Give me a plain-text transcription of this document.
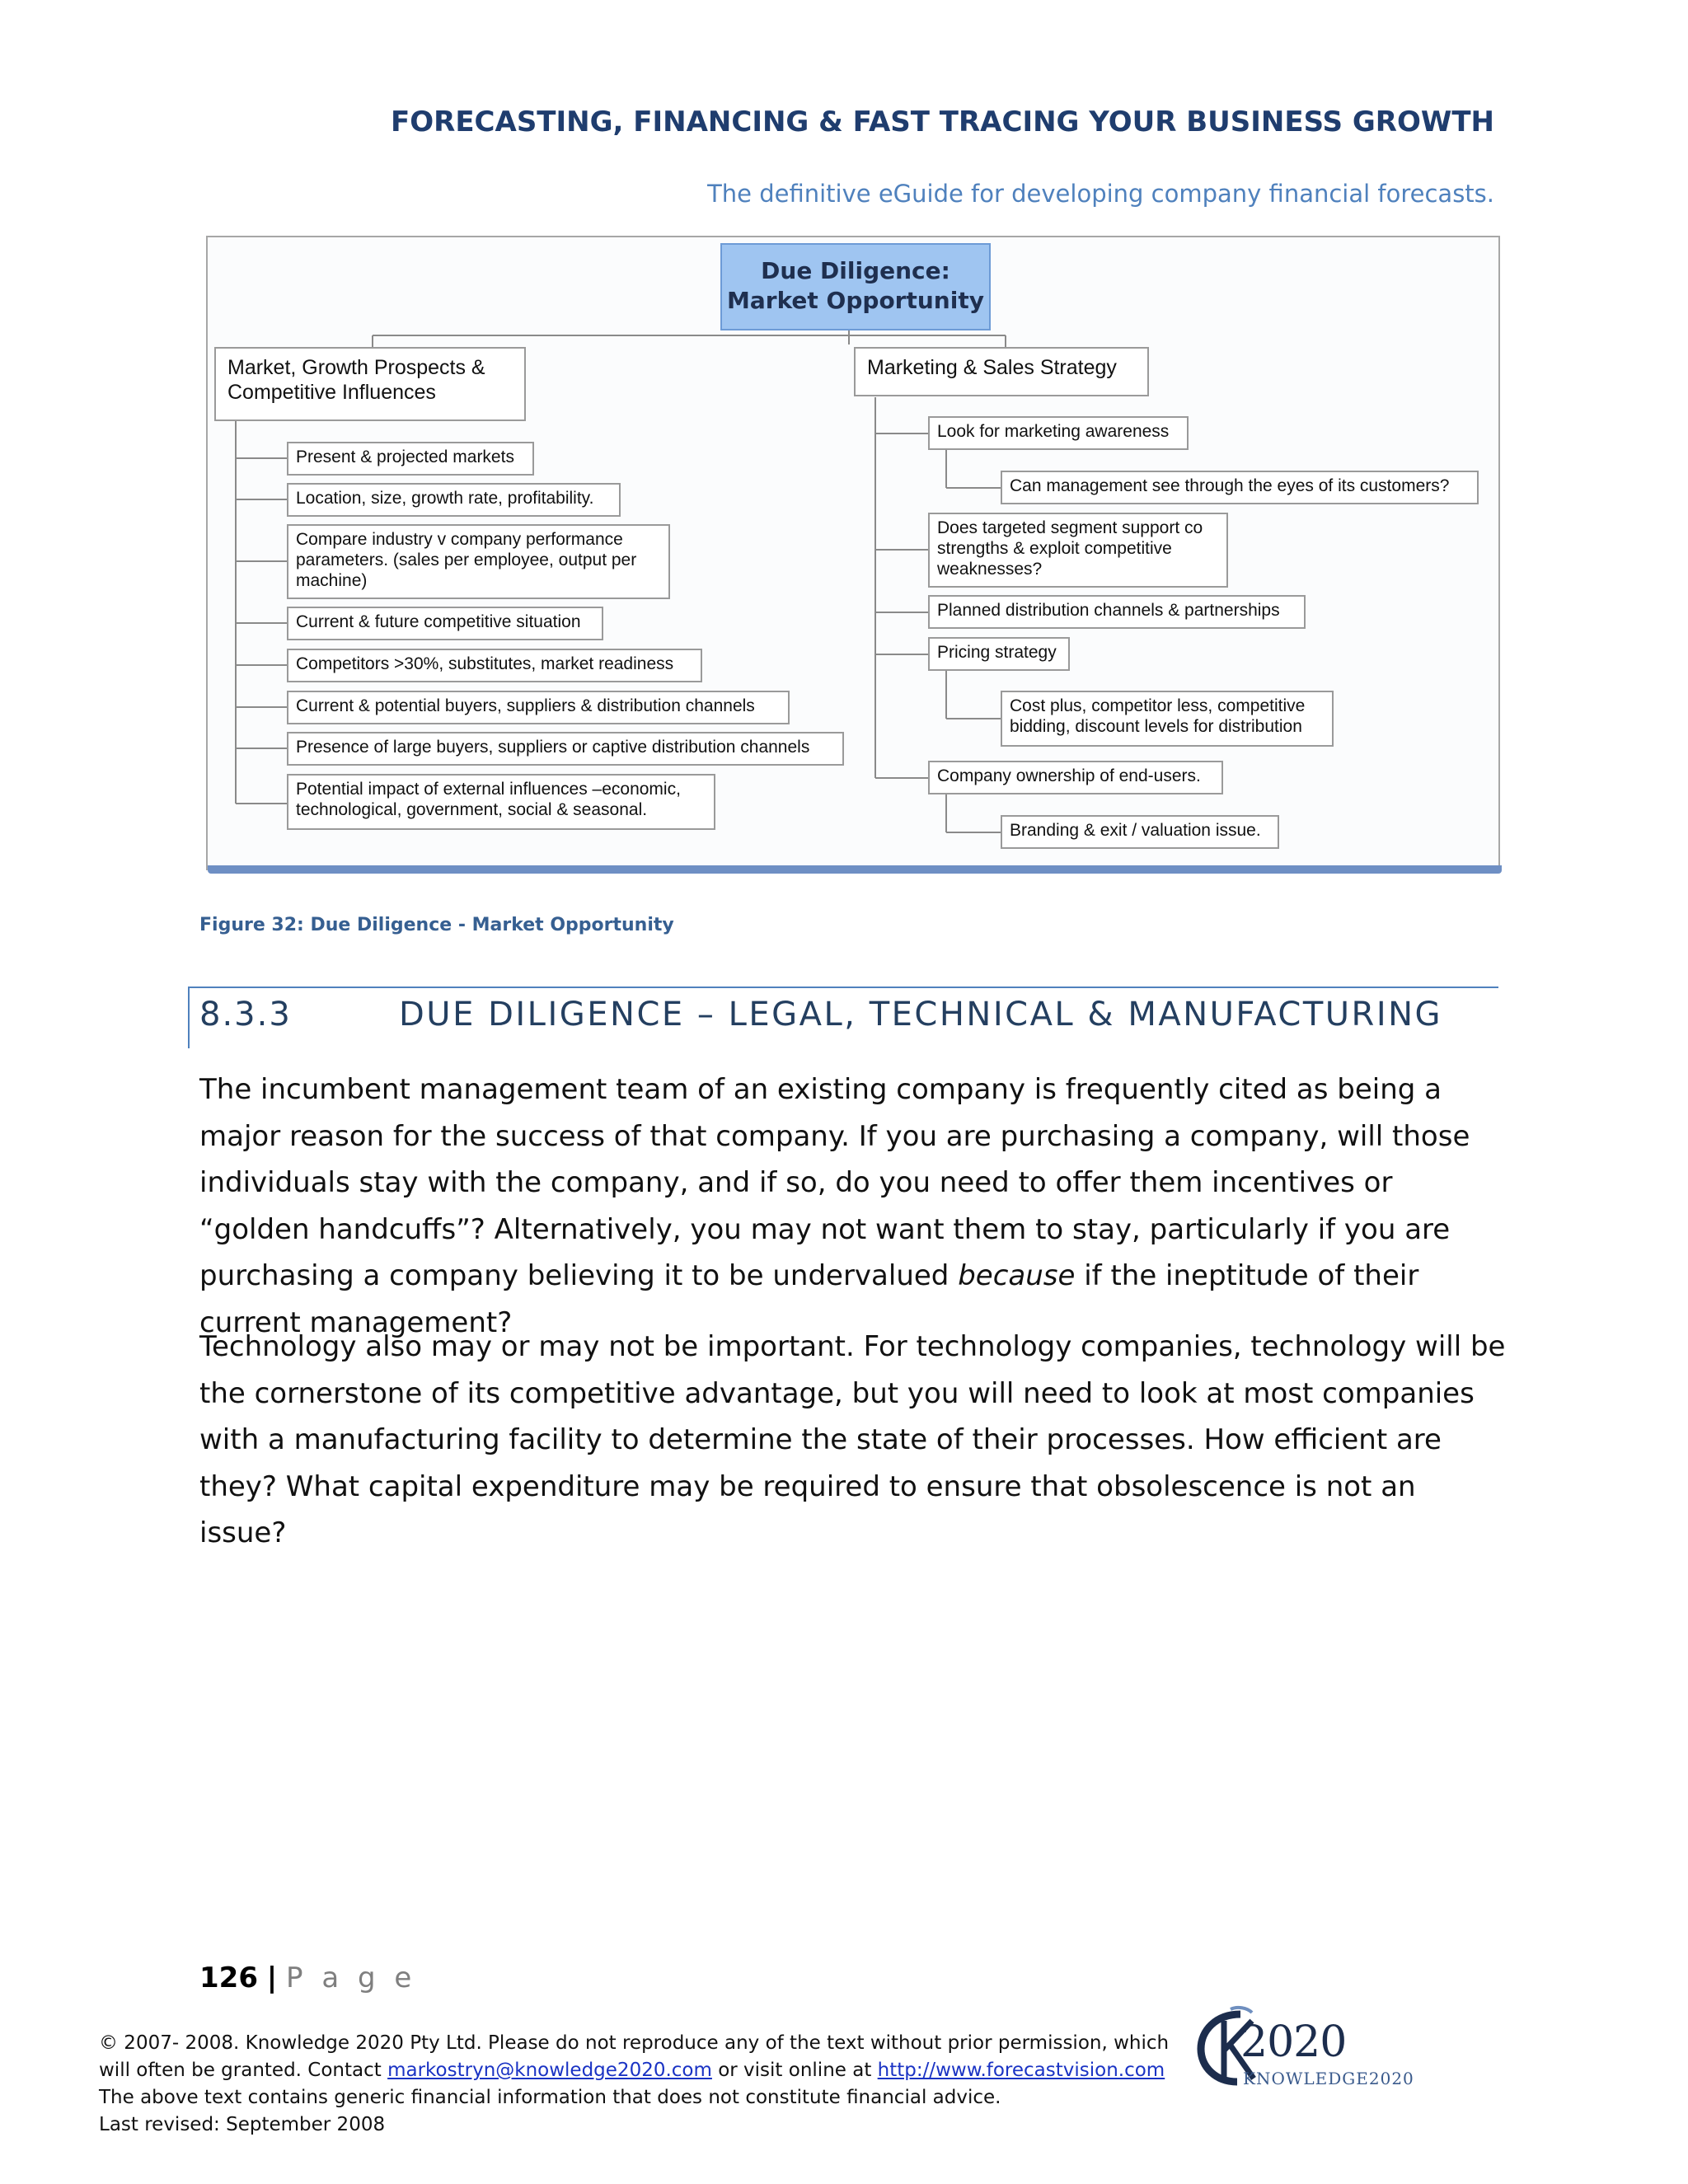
FORECASTING, FINANCING & FAST TRACING YOUR BUSINESS GROWTH
The definitive eGuide for developing company financial forecasts.
Due Diligence:
Market Opportunity
Market, Growth Prospects &
Competitive Influences
Present & projected markets
Location, size, growth rate, profitability.
Compare industry v company performance
parameters. (sales per employee, output per
machine)
Current & future competitive situation
Competitors >30%, substitutes, market readiness
Current & potential buyers, suppliers & distribution channels
Presence of large buyers, suppliers or captive distribution channels
Potential impact of external influences –economic,
technological, government, social & seasonal.
Marketing & Sales Strategy
Look for marketing awareness
Can management see through the eyes of its customers?
Does targeted segment support co
strengths & exploit competitive
weaknesses?
Planned distribution channels & partnerships
Pricing strategy
Cost plus, competitor less, competitive
bidding, discount levels for distribution
Company ownership of end-users.
Branding & exit / valuation issue.
Figure 32: Due Diligence - Market Opportunity
8.3.3	DUE DILIGENCE – LEGAL, TECHNICAL & MANUFACTURING
The incumbent management team of an existing company is frequently cited as being a major reason for the success of that company. If you are purchasing a company, will those individuals stay with the company, and if so, do you need to offer them incentives or “golden handcuffs”? Alternatively, you may not want them to stay, particularly if you are purchasing a company believing it to be undervalued because if the ineptitude of their current management?
Technology also may or may not be important. For technology companies, technology will be the cornerstone of its competitive advantage, but you will need to look at most companies with a manufacturing facility to determine the state of their processes. How efficient are they? What capital expenditure may be required to ensure that obsolescence is not an issue?
126 | P a g e
© 2007- 2008. Knowledge 2020 Pty Ltd. Please do not reproduce any of the text without prior permission, which
will often be granted. Contact markostryn@knowledge2020.com or visit online at http://www.forecastvision.com
The above text contains generic financial information that does not constitute financial advice.
Last revised: September 2008
2020
KNOWLEDGE2020
